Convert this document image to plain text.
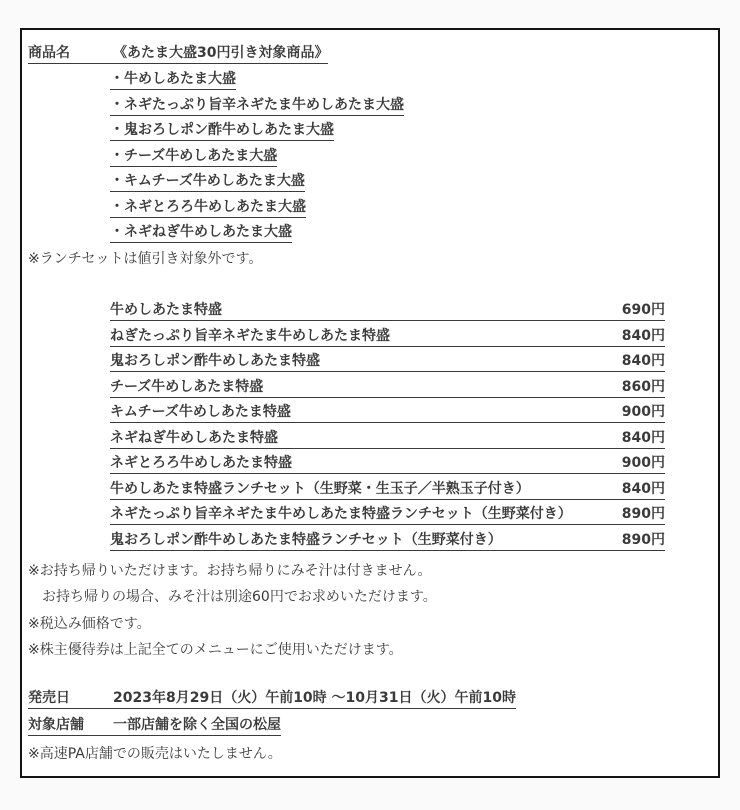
商品名	《あたま大盛30円引き対象商品》
・牛めしあたま大盛
・ネギたっぷり旨辛ネギたま牛めしあたま大盛
・鬼おろしポン酢牛めしあたま大盛
・チーズ牛めしあたま大盛
・キムチーズ牛めしあたま大盛
・ネギとろろ牛めしあたま大盛
・ネギねぎ牛めしあたま大盛
※ランチセットは値引き対象外です。
牛めしあたま特盛	690円
ねぎたっぷり旨辛ネギたま牛めしあたま特盛	840円
鬼おろしポン酢牛めしあたま特盛	840円
チーズ牛めしあたま特盛	860円
キムチーズ牛めしあたま特盛	900円
ネギねぎ牛めしあたま特盛	840円
ネギとろろ牛めしあたま特盛	900円
牛めしあたま特盛ランチセット（生野菜・生玉子／半熟玉子付き）	840円
ネギたっぷり旨辛ネギたま牛めしあたま特盛ランチセット（生野菜付き）	890円
鬼おろしポン酢牛めしあたま特盛ランチセット（生野菜付き）	890円
※お持ち帰りいただけます。お持ち帰りにみそ汁は付きません。
　お持ち帰りの場合、みそ汁は別途60円でお求めいただけます。
※税込み価格です。
※株主優待券は上記全てのメニューにご使用いただけます。
発売日	2023年8月29日（火）午前10時 ～10月31日（火）午前10時
対象店舗 一部店舗を除く全国の松屋
※高速PA店舗での販売はいたしません。
